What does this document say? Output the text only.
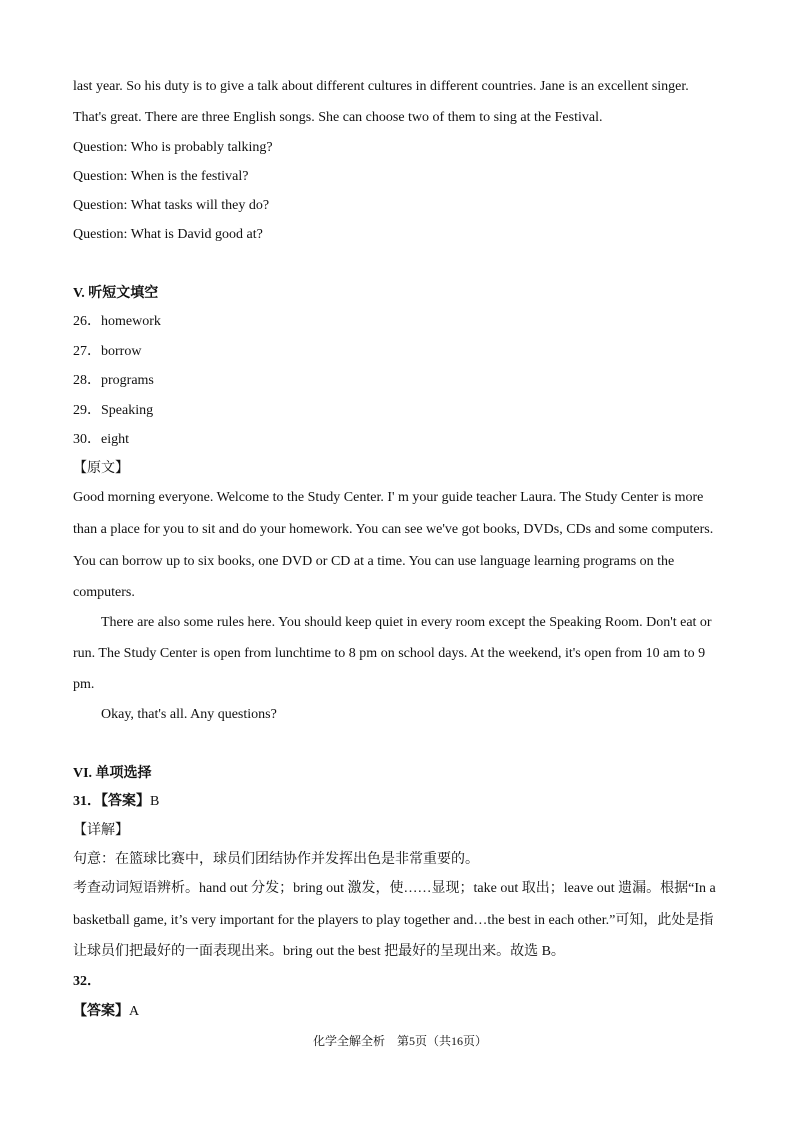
last year. So his duty is to give a talk about different cultures in different countries. Jane is an excellent singer.
That's great. There are three English songs. She can choose two of them to sing at the Festival.
Question: Who is probably talking?
Question: When is the festival?
Question: What tasks will they do?
Question: What is David good at?
V. 听短文填空
26．homework
27．borrow
28．programs
29．Speaking
30．eight
【原文】
Good morning everyone. Welcome to the Study Center. I' m your guide teacher Laura. The Study Center is more
than a place for you to sit and do your homework. You can see we've got books, DVDs, CDs and some computers.
You can borrow up to six books, one DVD or CD at a time. You can use language learning programs on the
computers.
There are also some rules here. You should keep quiet in every room except the Speaking Room. Don't eat or
run. The Study Center is open from lunchtime to 8 pm on school days. At the weekend, it's open from 10 am to 9
pm.
Okay, that's all. Any questions?
VI. 单项选择
31．【答案】B
【详解】
句意：在篮球比赛中，球员们团结协作并发挥出色是非常重要的。
考查动词短语辨析。hand out 分发；bring out 激发，使……显现；take out 取出；leave out 遗漏。根据“In a
basketball game, it’s very important for the players to play together and…the best in each other.”可知，此处是指
让球员们把最好的一面表现出来。bring out the best 把最好的呈现出来。故选 B。
32．
【答案】A
化学全解全析　第5页（共16页）
